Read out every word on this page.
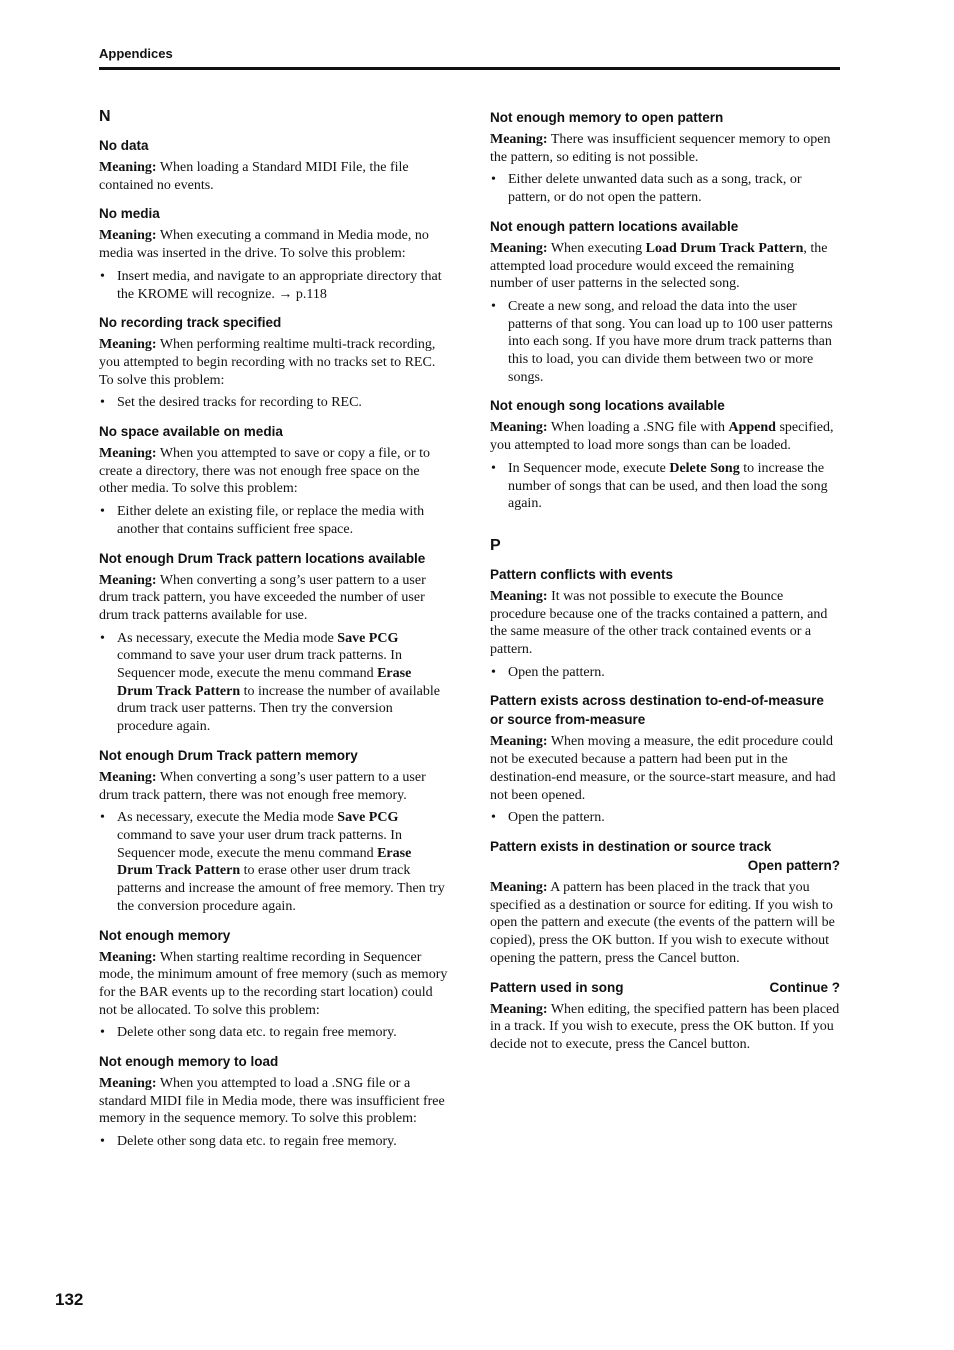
Appendices
N
No data

Meaning: When loading a Standard MIDI File, the file contained no events.

No media

Meaning: When executing a command in Media mode, no media was inserted in the drive. To solve this problem:

• Insert media, and navigate to an appropriate directory that the KROME will recognize. → p.118
No recording track specified

Meaning: When performing realtime multi-track recording, you attempted to begin recording with no tracks set to REC. To solve this problem:

• Set the desired tracks for recording to REC.
No space available on media

Meaning: When you attempted to save or copy a file, or to create a directory, there was not enough free space on the other media. To solve this problem:

• Either delete an existing file, or replace the media with another that contains sufficient free space.
Not enough Drum Track pattern locations available

Meaning: When converting a song’s user pattern to a user drum track pattern, you have exceeded the number of user drum track patterns available for use.

• As necessary, execute the Media mode Save PCG command to save your user drum track patterns. In Sequencer mode, execute the menu command Erase Drum Track Pattern to increase the number of available drum track user patterns. Then try the conversion procedure again.
Not enough Drum Track pattern memory

Meaning: When converting a song’s user pattern to a user drum track pattern, there was not enough free memory.

• As necessary, execute the Media mode Save PCG command to save your user drum track patterns. In Sequencer mode, execute the menu command Erase Drum Track Pattern to erase other user drum track patterns and increase the amount of free memory. Then try the conversion procedure again.
Not enough memory

Meaning: When starting realtime recording in Sequencer mode, the minimum amount of free memory (such as memory for the BAR events up to the recording start location) could not be allocated. To solve this problem:

• Delete other song data etc. to regain free memory.
Not enough memory to load

Meaning: When you attempted to load a .SNG file or a standard MIDI file in Media mode, there was insufficient free memory in the sequence memory. To solve this problem:

• Delete other song data etc. to regain free memory.
Not enough memory to open pattern

Meaning: There was insufficient sequencer memory to open the pattern, so editing is not possible.

• Either delete unwanted data such as a song, track, or pattern, or do not open the pattern.
Not enough pattern locations available

Meaning: When executing Load Drum Track Pattern, the attempted load procedure would exceed the remaining number of user patterns in the selected song.

• Create a new song, and reload the data into the user patterns of that song. You can load up to 100 user patterns into each song. If you have more drum track patterns than this to load, you can divide them between two or more songs.
Not enough song locations available

Meaning: When loading a .SNG file with Append specified, you attempted to load more songs than can be loaded.

• In Sequencer mode, execute Delete Song to increase the number of songs that can be used, and then load the song again.
P
Pattern conflicts with events

Meaning: It was not possible to execute the Bounce procedure because one of the tracks contained a pattern, and the same measure of the other track contained events or a pattern.

• Open the pattern.
Pattern exists across destination to-end-of-measure or source from-measure

Meaning: When moving a measure, the edit procedure could not be executed because a pattern had been put in the destination-end measure, or the source-start measure, and had not been opened.

• Open the pattern.
Pattern exists in destination or source track
Open pattern?

Meaning: A pattern has been placed in the track that you specified as a destination or source for editing. If you wish to open the pattern and execute (the events of the pattern will be copied), press the OK button. If you wish to execute without opening the pattern, press the Cancel button.

Pattern used in song	Continue ?

Meaning: When editing, the specified pattern has been placed in a track. If you wish to execute, press the OK button. If you decide not to execute, press the Cancel button.

132
